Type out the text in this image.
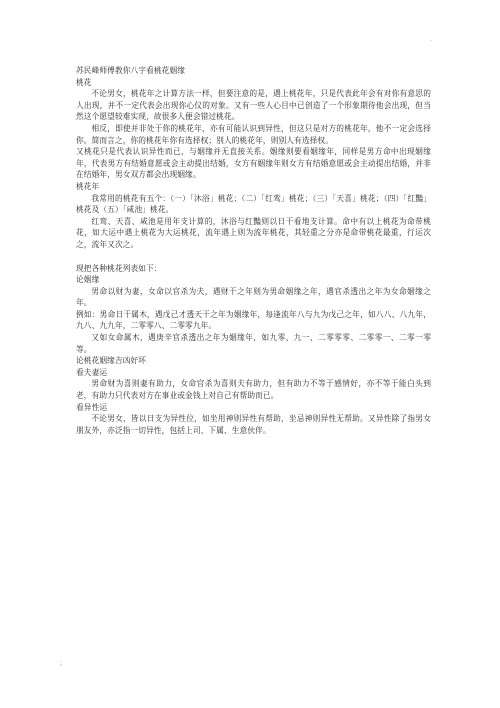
.

苏民峰师傅教你八字看桃花姻缘

桃花

不论男女，桃花年之计算方法一样，但要注意的是，遇上桃花年，只是代表此年会有对你有意思的人出现，并不一定代表会出现你心仪的对象。又有一些人心目中已创造了一个形象期待他会出现，但当然这个愿望较难实现，故很多人便会错过桃花。

相反，即使并非处于你的桃花年，亦有可能认识到异性，但这只是对方的桃花年，他不一定会选择你。简而言之，你的桃花年你有选择权；别人的桃花年，则别人有选择权。

又桃花只是代表认识异性而已，与姻缘并无直接关系。姻缘则要看姻缘年，同样是男方命中出现姻缘年，代表男方有结婚意愿或会主动提出结婚，女方有姻缘年则女方有结婚意愿或会主动提出结婚，并非在结婚年，男女双方都会出现姻缘。

桃花年

我常用的桃花有五个：（一）「沐浴」桃花；（二）「红鸾」桃花；（三）「天喜」桃花；（四）「红豔」桃花及（五）「咸池」桃花。

红鸾、天喜、咸池是用年支计算的，沐浴与红豔则以日干看地支计算。命中有以上桃花为命带桃花，如大运中遇上桃花为大运桃花，流年遇上则为流年桃花，其轻重之分亦是命带桃花最重，行运次之，流年又次之。

现把各种桃花列表如下：

论姻缘

男命以财为妻，女命以官杀为夫，遇财干之年则为男命姻缘之年，遇官杀透出之年为女命姻缘之年。

例如：男命日干属木，遇戊己才透天干之年为姻缘年，每逢流年八与九为戊己之年，如八八、八九年，九八、九九年，二零零八、二零零九年。

又如女命属木，遇庚辛官杀透出之年为姻缘年，如九零、九一、二零零零、二零零一、二零一零等。

论桃花姻缘吉凶好坏

看夫妻运

男命财为喜则妻有助力，女命官杀为喜则夫有助力，但有助力不等于感情好，亦不等于能白头到老，有助力只代表对方在事业或金钱上对自己有帮助而已。

看异性运

不论男女，皆以日支为异性位，如坐用神则异性有帮助，坐忌神则异性无帮助。又异性除了指男女朋友外，亦泛指一切异性，包括上司、下属、生意伙伴。

;
